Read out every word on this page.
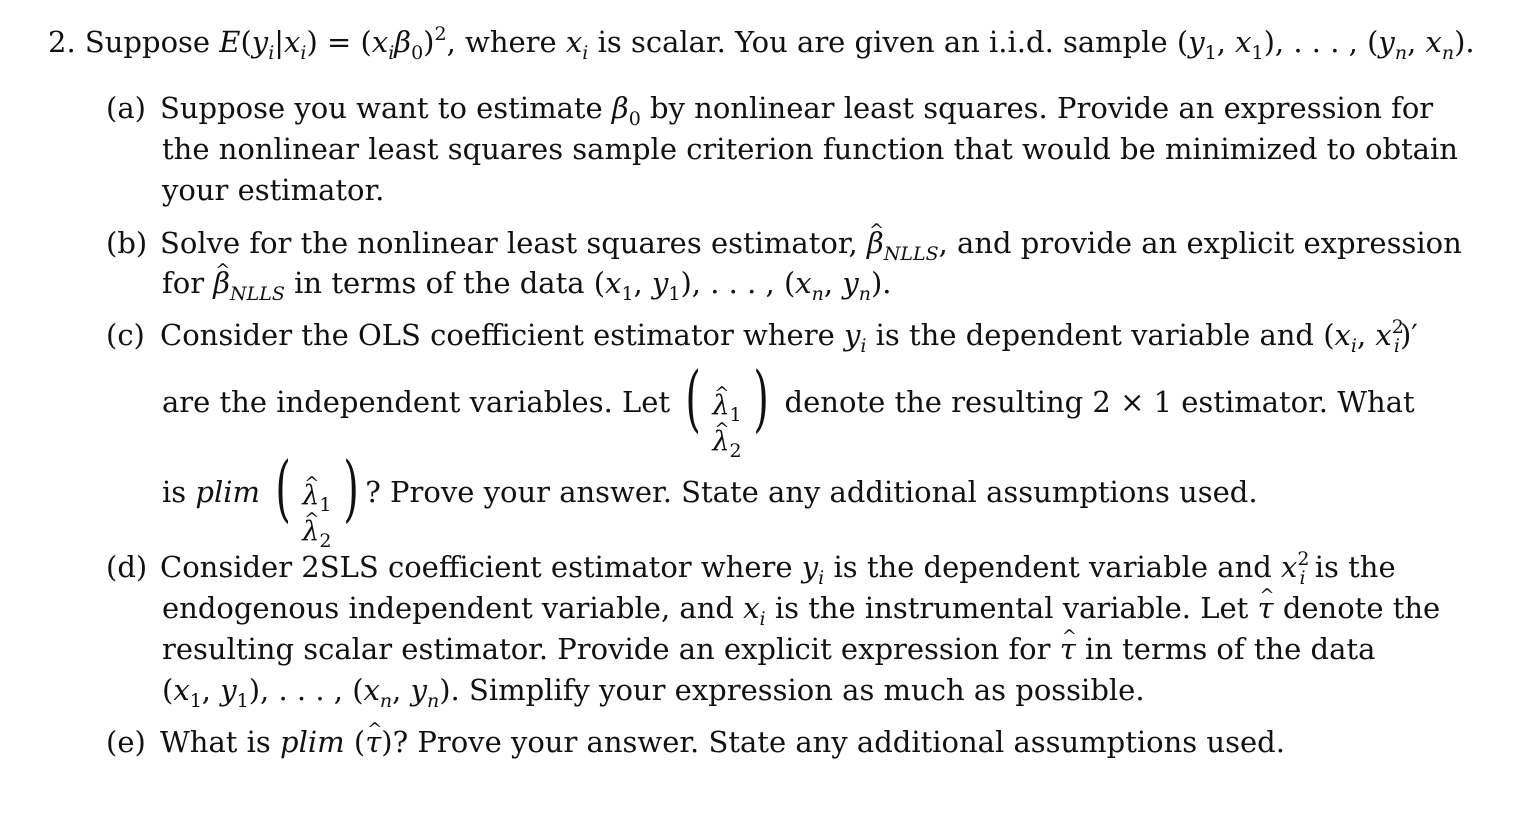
2. Suppose $E(y_i|x_i) = (x_i\beta_0)^2$, where $x_i$ is scalar. You are given an i.i.d. sample ($y_1$, $x_1$), . . . , ($y_n$, $x_n$).
(a) Suppose you want to estimate $\beta_0$ by nonlinear least squares. Provide an expression for
the nonlinear least squares sample criterion function that would be minimized to obtain
your estimator.
(b) Solve for the nonlinear least squares estimator, ^ $\beta_{NLLS}$, and provide an explicit expression
for ^ $\beta_{NLLS}$ in terms of the data ($x_1$, $y_1$), . . . , ($x_n$, $y_n$).
(c) Consider the OLS coefficient estimator where $y_i$ is the dependent variable and ($x_i$, $x^2_i)'$
are the independent variables. Let ( ^ $\lambda_1$
^ $\lambda_2$
) denote the resulting 2 × 1 estimator. What
is plim ( ^ $\lambda_1$
^ $\lambda_2$
) ? Prove your answer. State any additional assumptions used.
(d) Consider 2SLS coefficient estimator where $y_i$ is the dependent variable and $x^2_i$ is the
endogenous independent variable, and $x_i$ is the instrumental variable. Let ^ τ denote the
resulting scalar estimator. Provide an explicit expression for ^ τ in terms of the data
($x_1$, $y_1$), . . . , ($x_n$, $y_n$). Simplify your expression as much as possible.
(e) What is plim (^ τ)? Prove your answer. State any additional assumptions used.
